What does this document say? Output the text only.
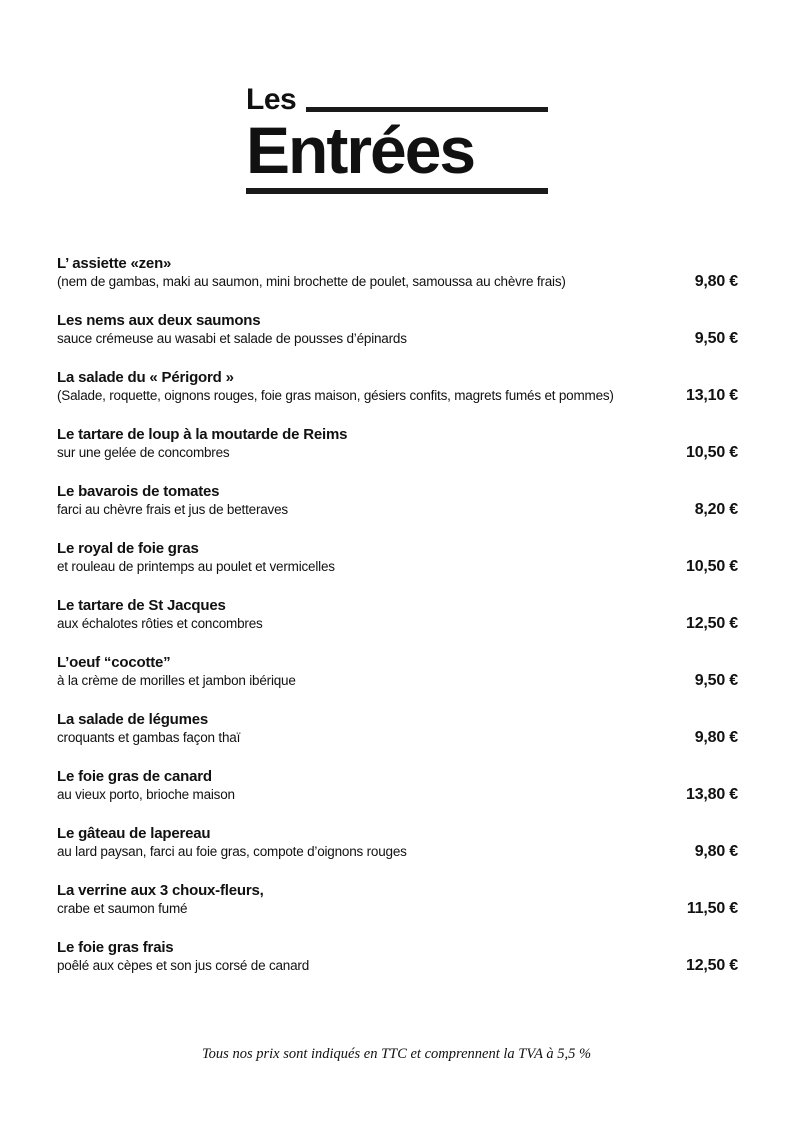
Les
Entrées
L’ assiette «zen»
(nem de gambas, maki au saumon, mini brochette de poulet, samoussa au chèvre frais)	9,80 €
Les nems aux deux saumons
sauce crémeuse au wasabi et salade de pousses d’épinards	9,50 €
La salade du « Périgord »
(Salade, roquette, oignons rouges, foie gras maison, gésiers confits, magrets fumés et pommes)	13,10 €
Le tartare de loup à la moutarde de Reims
sur une gelée de concombres	10,50 €
Le bavarois de tomates
farci au chèvre frais et jus de betteraves	8,20 €
Le royal de foie gras
et rouleau de printemps au poulet et vermicelles	10,50 €
Le tartare de St Jacques
aux échalotes rôties et concombres	12,50 €
L’oeuf “cocotte”
à la crème de morilles et jambon ibérique	9,50 €
La salade de légumes
croquants et gambas façon thaï	9,80 €
Le foie gras de canard
au vieux porto, brioche maison	13,80 €
Le gâteau de lapereau
au lard paysan, farci au foie gras, compote d’oignons rouges	9,80 €
La verrine aux 3 choux-fleurs,
crabe et saumon fumé	11,50 €
Le foie gras frais
poêlé aux cèpes et son jus corsé de canard	12,50 €
Tous nos prix sont indiqués en TTC et comprennent la TVA à 5,5 %
